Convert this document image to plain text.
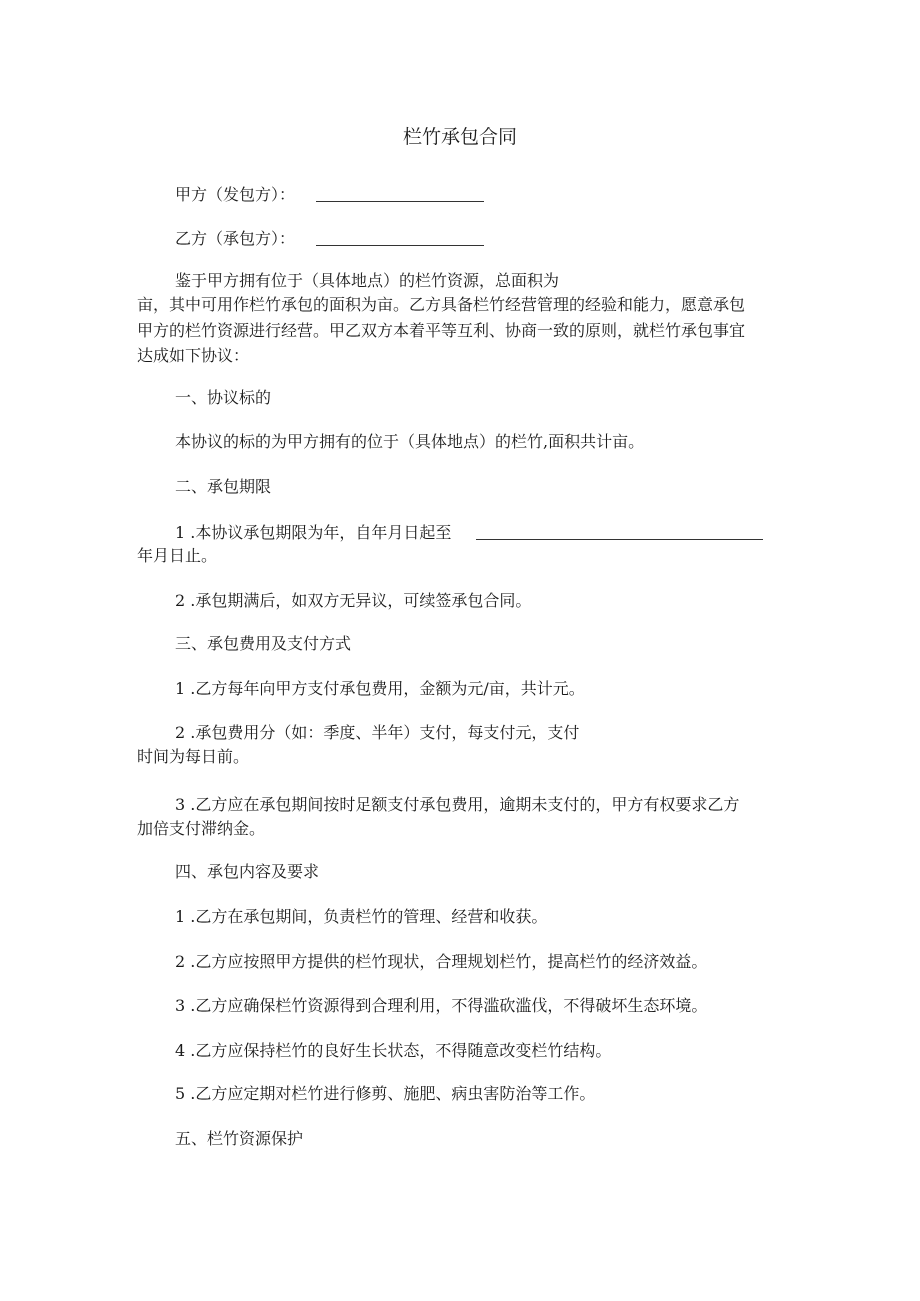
栏竹承包合同
甲方（发包方）：
乙方（承包方）：
鉴于甲方拥有位于（具体地点）的栏竹资源，总面积为
亩，其中可用作栏竹承包的面积为亩。乙方具备栏竹经营管理的经验和能力，愿意承包
甲方的栏竹资源进行经营。甲乙双方本着平等互利、协商一致的原则，就栏竹承包事宜
达成如下协议：
一、协议标的
本协议的标的为甲方拥有的位于（具体地点）的栏竹,面积共计亩。
二、承包期限
1 .本协议承包期限为年，自年月日起至
年月日止。
2 .承包期满后，如双方无异议，可续签承包合同。
三、承包费用及支付方式
1 .乙方每年向甲方支付承包费用，金额为元/亩，共计元。
2 .承包费用分（如：季度、半年）支付，每支付元，支付
时间为每日前。
3 .乙方应在承包期间按时足额支付承包费用，逾期未支付的，甲方有权要求乙方
加倍支付滞纳金。
四、承包内容及要求
1 .乙方在承包期间，负责栏竹的管理、经营和收获。
2 .乙方应按照甲方提供的栏竹现状，合理规划栏竹，提高栏竹的经济效益。
3 .乙方应确保栏竹资源得到合理利用，不得滥砍滥伐，不得破坏生态环境。
4 .乙方应保持栏竹的良好生长状态，不得随意改变栏竹结构。
5 .乙方应定期对栏竹进行修剪、施肥、病虫害防治等工作。
五、栏竹资源保护
